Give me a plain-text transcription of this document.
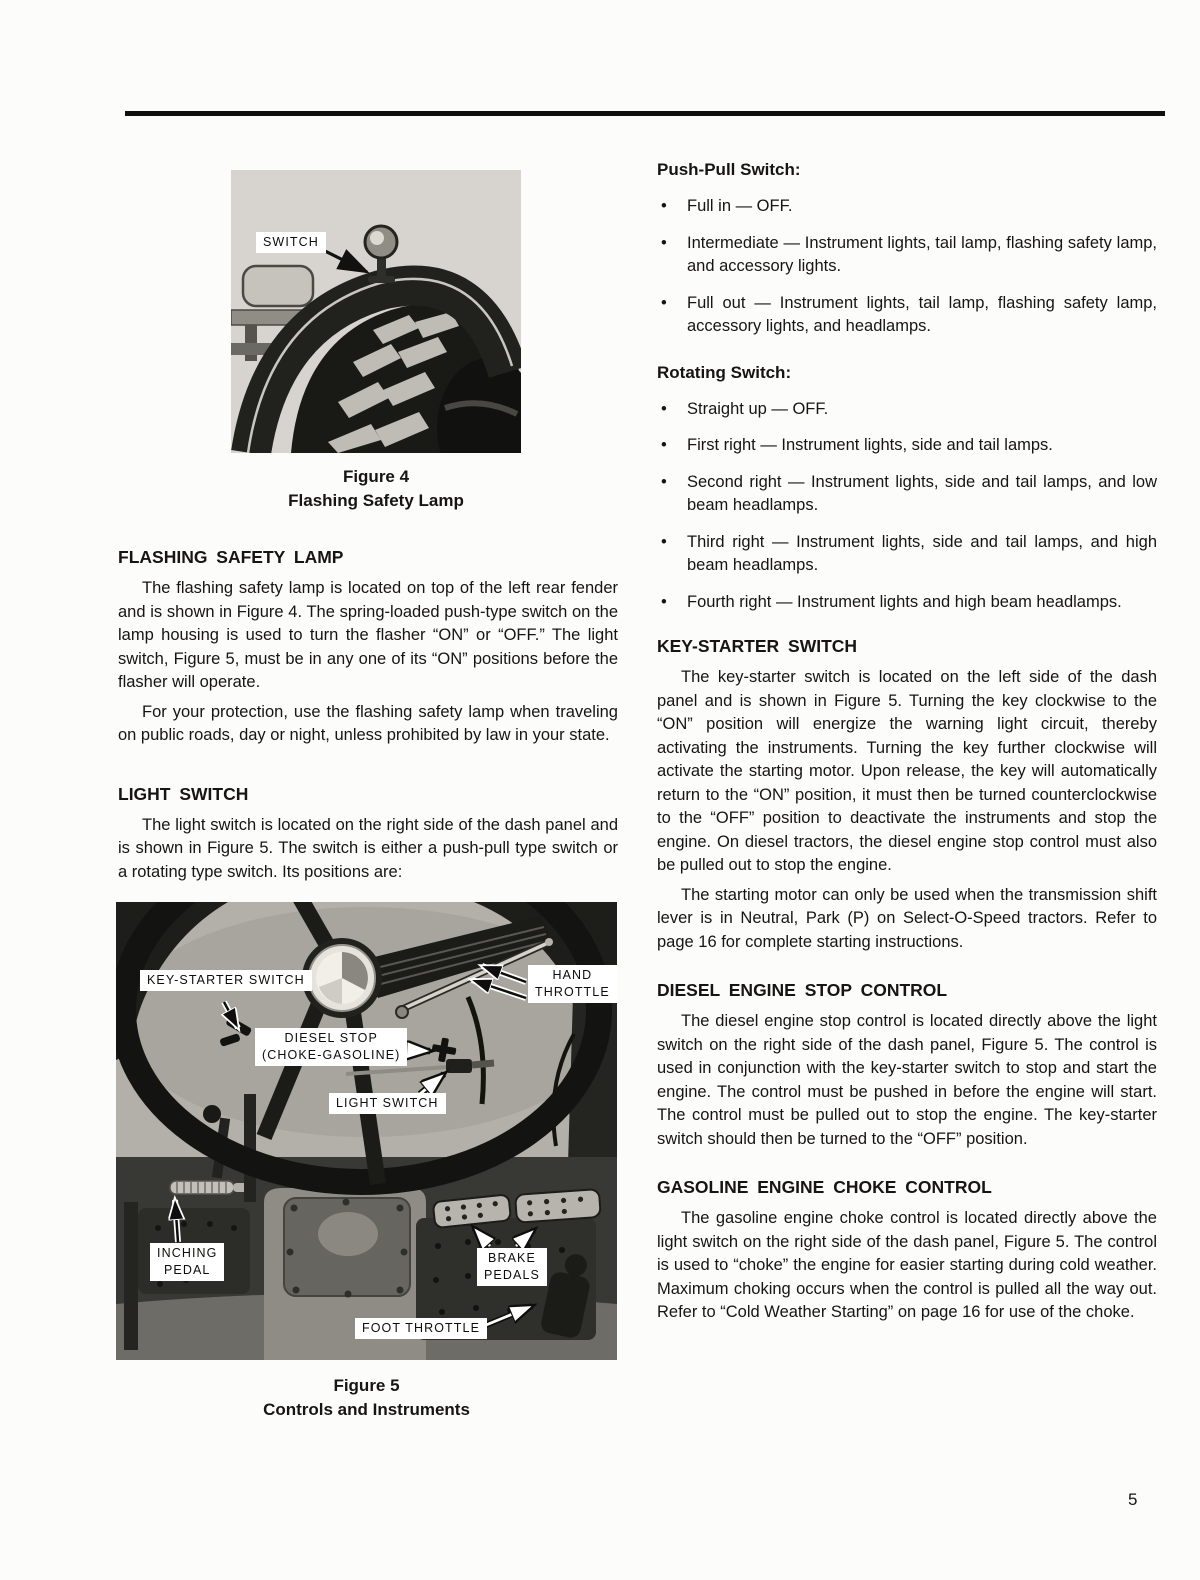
SWITCH
Figure 4
Flashing Safety Lamp
FLASHING SAFETY LAMP
The flashing safety lamp is located on top of the left rear fender and is shown in Figure 4. The spring-loaded push-type switch on the lamp housing is used to turn the flasher “ON” or “OFF.” The light switch, Figure 5, must be in any one of its “ON” positions before the flasher will operate.
For your protection, use the flashing safety lamp when traveling on public roads, day or night, unless prohibited by law in your state.
LIGHT SWITCH
The light switch is located on the right side of the dash panel and is shown in Figure 5. The switch is either a push-pull type switch or a rotating type switch. Its positions are:
KEY-STARTER SWITCH	HAND
THROTTLE
DIESEL STOP
(CHOKE-GASOLINE)
LIGHT SWITCH
INCHING
PEDAL
BRAKE
PEDALS
FOOT THROTTLE
Figure 5
Controls and Instruments
Push-Pull Switch:
•	Full in — OFF.
•	Intermediate — Instrument lights, tail lamp, flashing safety lamp, and accessory lights.
•	Full out — Instrument lights, tail lamp, flashing safety lamp, accessory lights, and headlamps.
Rotating Switch:
•	Straight up — OFF.
•	First right — Instrument lights, side and tail lamps.
•	Second right — Instrument lights, side and tail lamps, and low beam headlamps.
•	Third right — Instrument lights, side and tail lamps, and high beam headlamps.
•	Fourth right — Instrument lights and high beam headlamps.
KEY-STARTER SWITCH
The key-starter switch is located on the left side of the dash panel and is shown in Figure 5. Turning the key clockwise to the “ON” position will energize the warning light circuit, thereby activating the instruments. Turning the key further clockwise will activate the starting motor. Upon release, the key will automatically return to the “ON” position, it must then be turned counterclockwise to the “OFF” position to deactivate the instruments and stop the engine. On diesel tractors, the diesel engine stop control must also be pulled out to stop the engine.
The starting motor can only be used when the transmission shift lever is in Neutral, Park (P) on Select-O-Speed tractors. Refer to page 16 for complete starting instructions.
DIESEL ENGINE STOP CONTROL
The diesel engine stop control is located directly above the light switch on the right side of the dash panel, Figure 5. The control is used in conjunction with the key-starter switch to stop and start the engine. The control must be pushed in before the engine will start. The control must be pulled out to stop the engine. The key-starter switch should then be turned to the “OFF” position.
GASOLINE ENGINE CHOKE CONTROL
The gasoline engine choke control is located directly above the light switch on the right side of the dash panel, Figure 5. The control is used to “choke” the engine for easier starting during cold weather. Maximum choking occurs when the control is pulled all the way out. Refer to “Cold Weather Starting” on page 16 for use of the choke.
5
